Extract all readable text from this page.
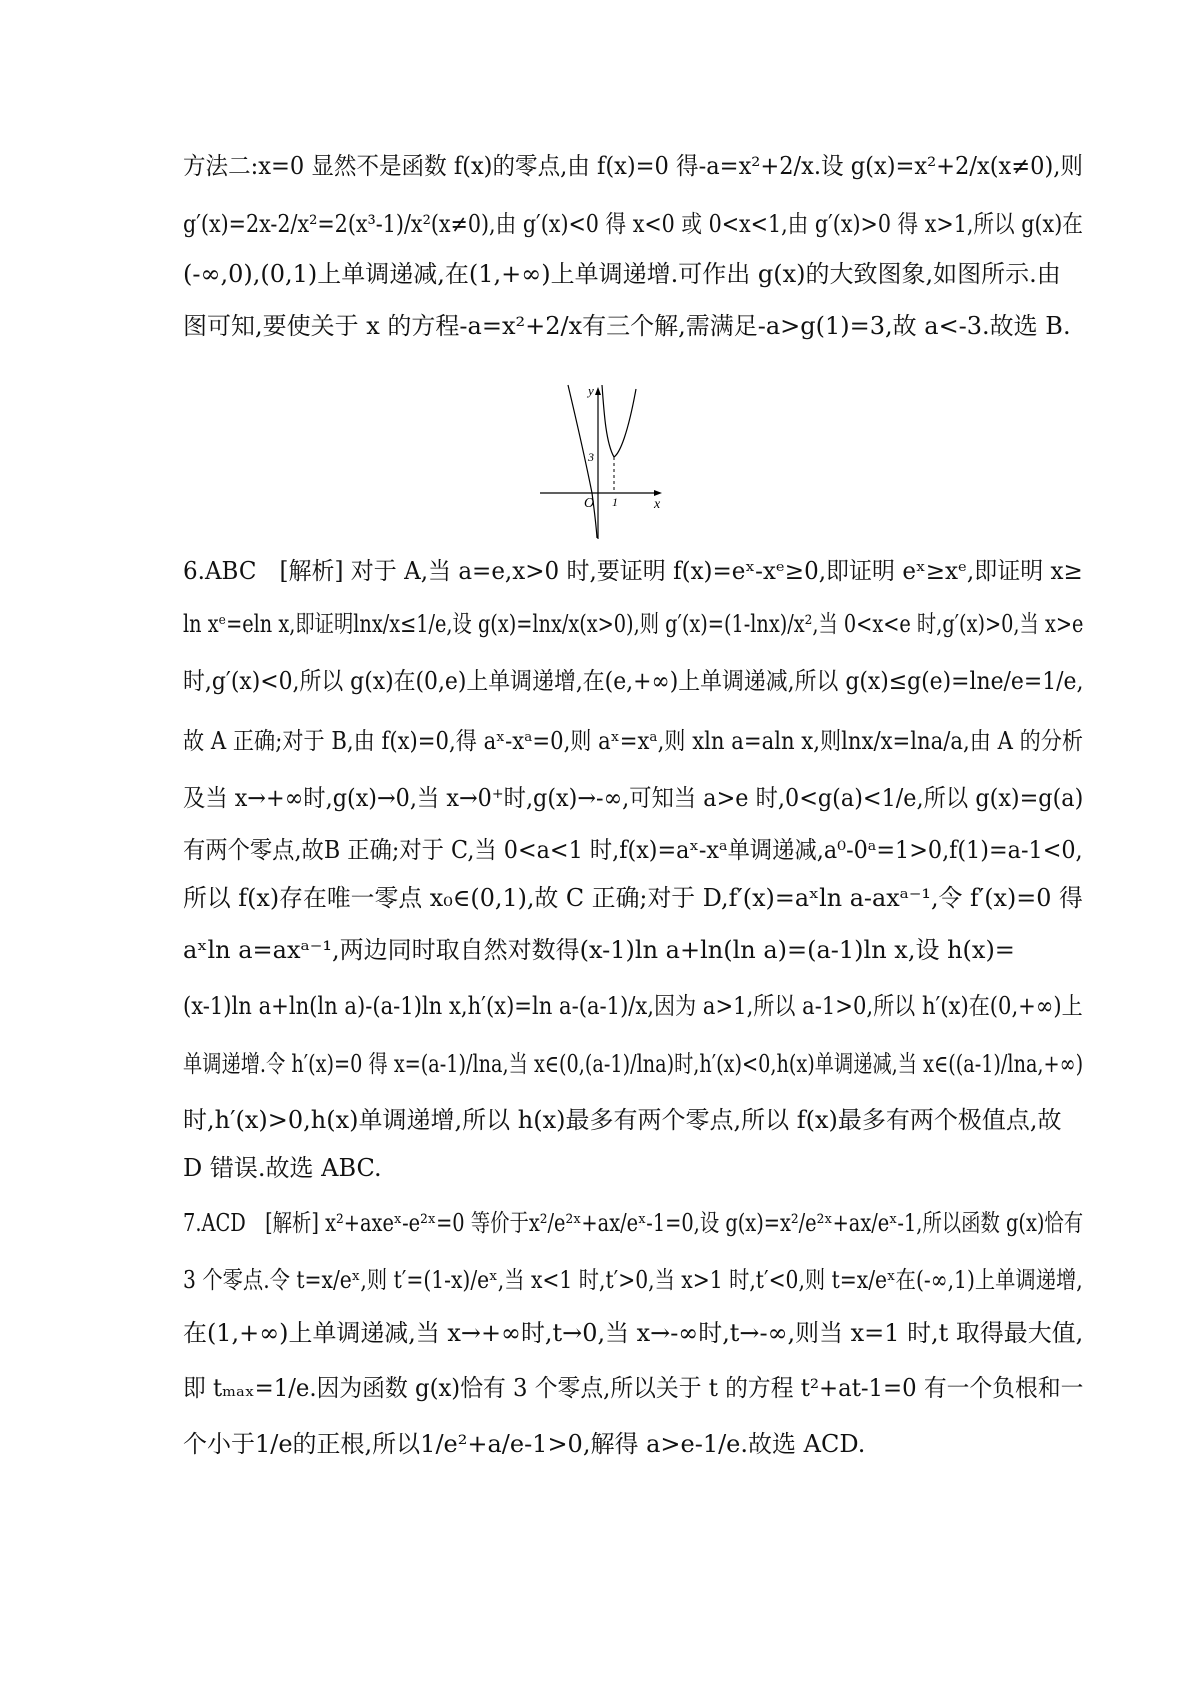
方法二:x=0 显然不是函数 f(x)的零点,由 f(x)=0 得-a=x²+2/x.设 g(x)=x²+2/x(x≠0),则
g′(x)=2x-2/x²=2(x³-1)/x²(x≠0),由 g′(x)<0 得 x<0 或 0<x<1,由 g′(x)>0 得 x>1,所以 g(x)在
(-∞,0),(0,1)上单调递减,在(1,+∞)上单调递增.可作出 g(x)的大致图象,如图所示.由
图可知,要使关于 x 的方程-a=x²+2/x有三个解,需满足-a>g(1)=3,故 a<-3.故选 B.
y
x
O 1
3
6.ABC　[解析] 对于 A,当 a=e,x>0 时,要证明 f(x)=eˣ-xᵉ≥0,即证明 eˣ≥xᵉ,即证明 x≥
ln xᵉ=eln x,即证明lnx/x≤1/e,设 g(x)=lnx/x(x>0),则 g′(x)=(1-lnx)/x²,当 0<x<e 时,g′(x)>0,当 x>e
时,g′(x)<0,所以 g(x)在(0,e)上单调递增,在(e,+∞)上单调递减,所以 g(x)≤g(e)=lne/e=1/e,
故 A 正确;对于 B,由 f(x)=0,得 aˣ-xᵃ=0,则 aˣ=xᵃ,则 xln a=aln x,则lnx/x=lna/a,由 A 的分析
及当 x→+∞时,g(x)→0,当 x→0⁺时,g(x)→-∞,可知当 a>e 时,0<g(a)<1/e,所以 g(x)=g(a)
有两个零点,故B 正确;对于 C,当 0<a<1 时,f(x)=aˣ-xᵃ单调递减,a⁰-0ᵃ=1>0,f(1)=a-1<0,
所以 f(x)存在唯一零点 x₀∈(0,1),故 C 正确;对于 D,f′(x)=aˣln a-axᵃ⁻¹,令 f′(x)=0 得
aˣln a=axᵃ⁻¹,两边同时取自然对数得(x-1)ln a+ln(ln a)=(a-1)ln x,设 h(x)=
(x-1)ln a+ln(ln a)-(a-1)ln x,h′(x)=ln a-(a-1)/x,因为 a>1,所以 a-1>0,所以 h′(x)在(0,+∞)上
单调递增.令 h′(x)=0 得 x=(a-1)/lna,当 x∈(0,(a-1)/lna)时,h′(x)<0,h(x)单调递减,当 x∈((a-1)/lna,+∞)
时,h′(x)>0,h(x)单调递增,所以 h(x)最多有两个零点,所以 f(x)最多有两个极值点,故
D 错误.故选 ABC.
7.ACD　[解析] x²+axeˣ-e²ˣ=0 等价于x²/e²ˣ+ax/eˣ-1=0,设 g(x)=x²/e²ˣ+ax/eˣ-1,所以函数 g(x)恰有
3 个零点.令 t=x/eˣ,则 t′=(1-x)/eˣ,当 x<1 时,t′>0,当 x>1 时,t′<0,则 t=x/eˣ在(-∞,1)上单调递增,
在(1,+∞)上单调递减,当 x→+∞时,t→0,当 x→-∞时,t→-∞,则当 x=1 时,t 取得最大值,
即 tₘₐₓ=1/e.因为函数 g(x)恰有 3 个零点,所以关于 t 的方程 t²+at-1=0 有一个负根和一
个小于1/e的正根,所以1/e²+a/e-1>0,解得 a>e-1/e.故选 ACD.
